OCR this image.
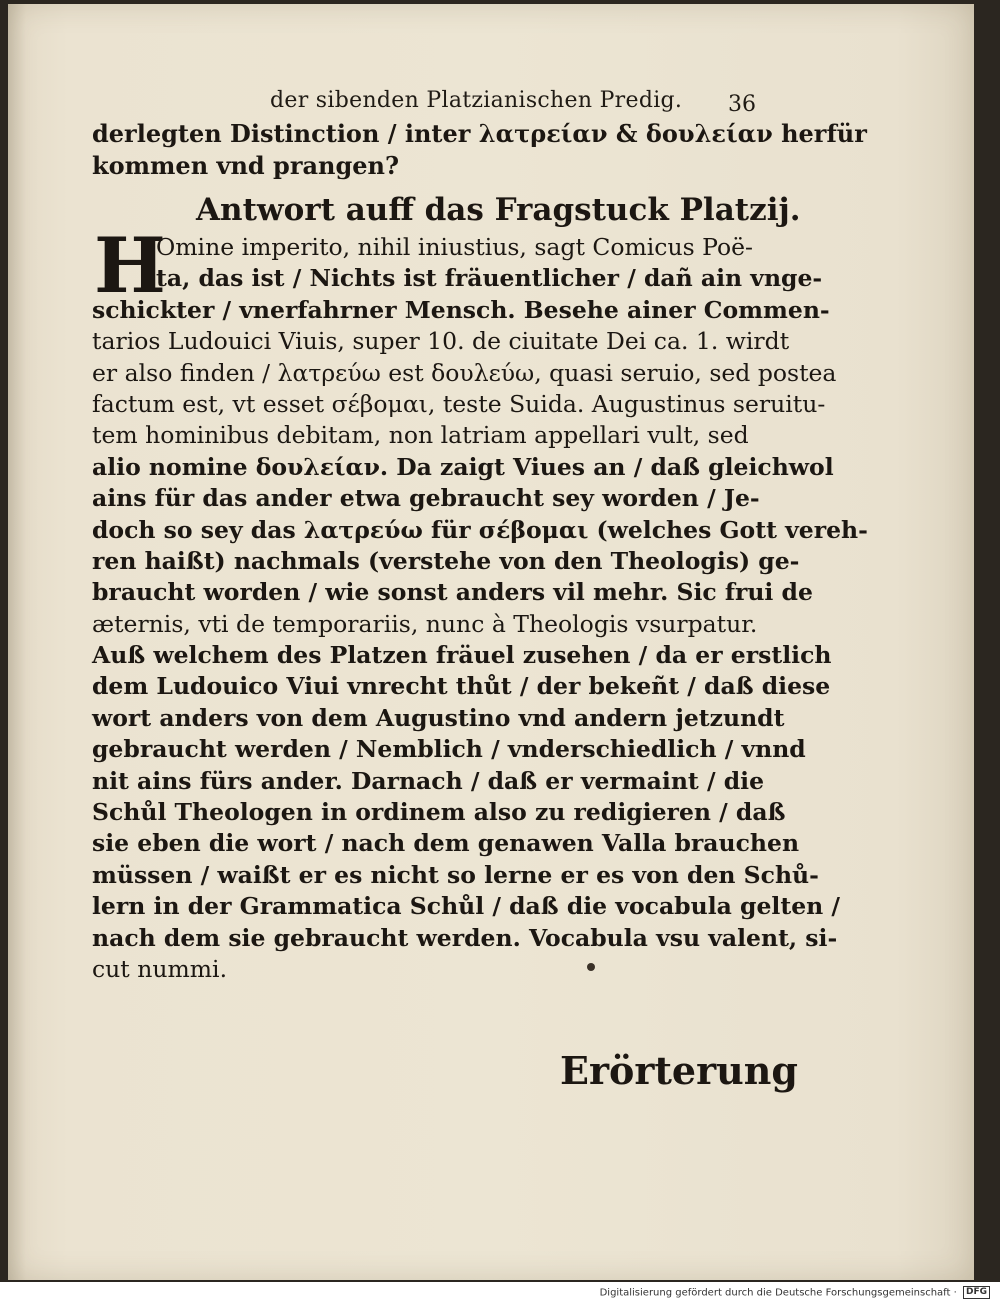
der sibenden Platzianischen Predig. 36
derlegten Distinction / inter λατρείαν & δουλείαν herfür
kommen vnd prangen?
Antwort auff das Fragstuck Platzij.
H
Omine imperito, nihil iniustius, sagt Comicus Poë-
ta, das ist / Nichts ist fräuentlicher / dañ ain vnge-
schickter / vnerfahrner Mensch. Besehe ainer Commen-
tarios Ludouici Viuis, super 10. de ciuitate Dei ca. 1. wirdt
er also finden / λατρεύω est δουλεύω, quasi seruio, sed postea
factum est, vt esset σέβομαι, teste Suida. Augustinus seruitu-
tem hominibus debitam, non latriam appellari vult, sed
alio nomine δουλείαν. Da zaigt Viues an / daß gleichwol
ains für das ander etwa gebraucht sey worden / Je-
doch so sey das λατρεύω für σέβομαι (welches Gott vereh-
ren haißt) nachmals (verstehe von den Theologis) ge-
braucht worden / wie sonst anders vil mehr. Sic frui de
æternis, vti de temporariis, nunc à Theologis vsurpatur.
Auß welchem des Platzen fräuel zusehen / da er erstlich
dem Ludouico Viui vnrecht thůt / der bekeñt / daß diese
wort anders von dem Augustino vnd andern jetzundt
gebraucht werden / Nemblich / vnderschiedlich / vnnd
nit ains fürs ander. Darnach / daß er vermaint / die
Schůl Theologen in ordinem also zu redigieren / daß
sie eben die wort / nach dem genawen Valla brauchen
müssen / waißt er es nicht so lerne er es von den Schů-
lern in der Grammatica Schůl / daß die vocabula gelten /
nach dem sie gebraucht werden. Vocabula vsu valent, si-
cut nummi.
Erörterung
Digitalisierung gefördert durch die Deutsche Forschungsgemeinschaft · DFG
